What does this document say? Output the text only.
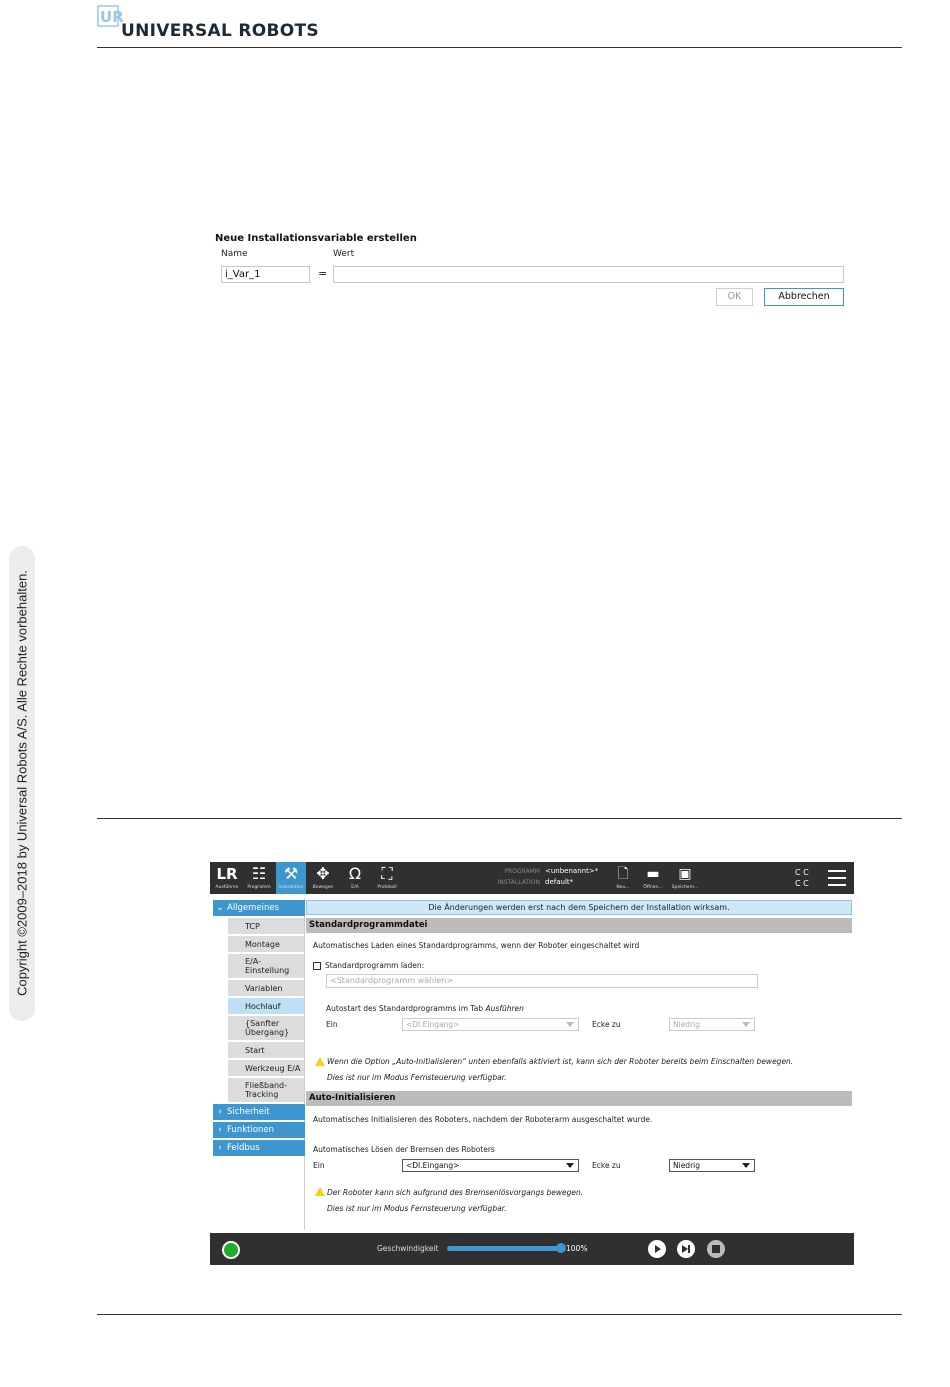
UR
UNIVERSAL ROBOTS
Copyright ©2009–2018 by Universal Robots A/S. Alle Rechte vorbehalten.
Neue Installationsvariable erstellen
Name	Wert
i_Var_1	=
OK	Abbrechen
LR
Ausführen
☷
Programm
⚒
Installation
✥
Bewegen
Ω
E/A
⛶
Protokoll
PROGRAMM <unbenannt>*
INSTALLATION default*	🗋
Neu...
▬
Öffnen...
▣
Speichern...
C C
C C
⌄ Allgemeines
TCP
Montage
E/A-
Einstellung
Variablen
Hochlauf
{Sanfter
Übergang}
Start
Werkzeug E/A
Fließband-
Tracking
› Sicherheit
› Funktionen
› Feldbus
Die Änderungen werden erst nach dem Speichern der Installation wirksam.
Standardprogrammdatei
Automatisches Laden eines Standardprogramms, wenn der Roboter eingeschaltet wird
Standardprogramm laden:
<Standardprogramm wählen>
Autostart des Standardprogramms im Tab Ausführen
Ein	<DI.Eingang>	Ecke zu	Niedrig
Wenn die Option „Auto-Initialisieren“ unten ebenfalls aktiviert ist, kann sich der Roboter bereits beim Einschalten bewegen.
Dies ist nur im Modus Fernsteuerung verfügbar.
Auto-Initialisieren
Automatisches Initialisieren des Roboters, nachdem der Roboterarm ausgeschaltet wurde.
Automatisches Lösen der Bremsen des Roboters
Ein	<DI.Eingang>	Ecke zu	Niedrig
Der Roboter kann sich aufgrund des Bremsenlösvorgangs bewegen.
Dies ist nur im Modus Fernsteuerung verfügbar.
Geschwindigkeit	100%
